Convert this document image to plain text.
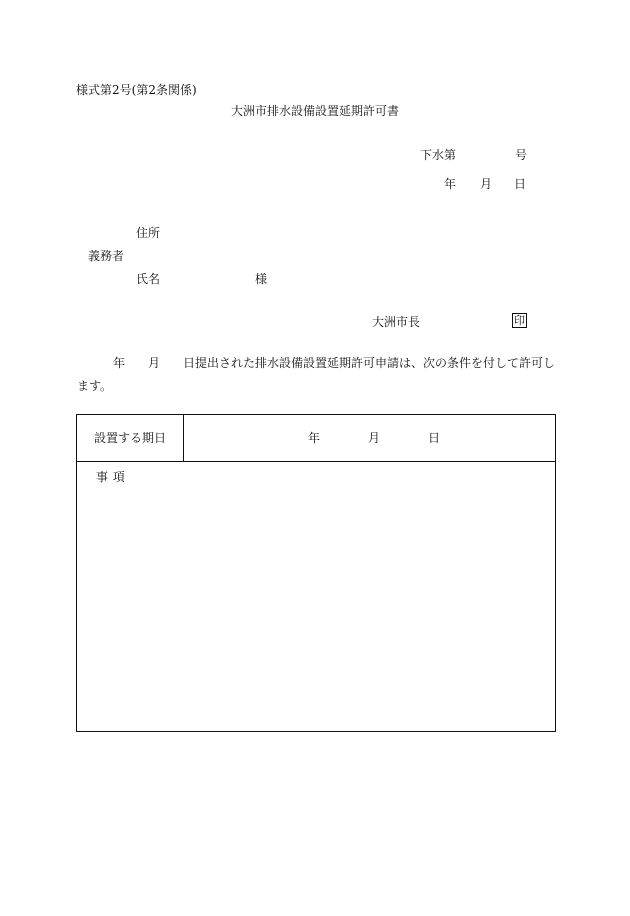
様式第2号(第2条関係)
大洲市排水設備設置延期許可書
下水第	号
年 月 日
住所
義務者
氏名	様
大洲市長	印
年 月 日提出された排水設備設置延期許可申請は、次の条件を付して許可し
ます。
設置する期日	年	月	日
事項
